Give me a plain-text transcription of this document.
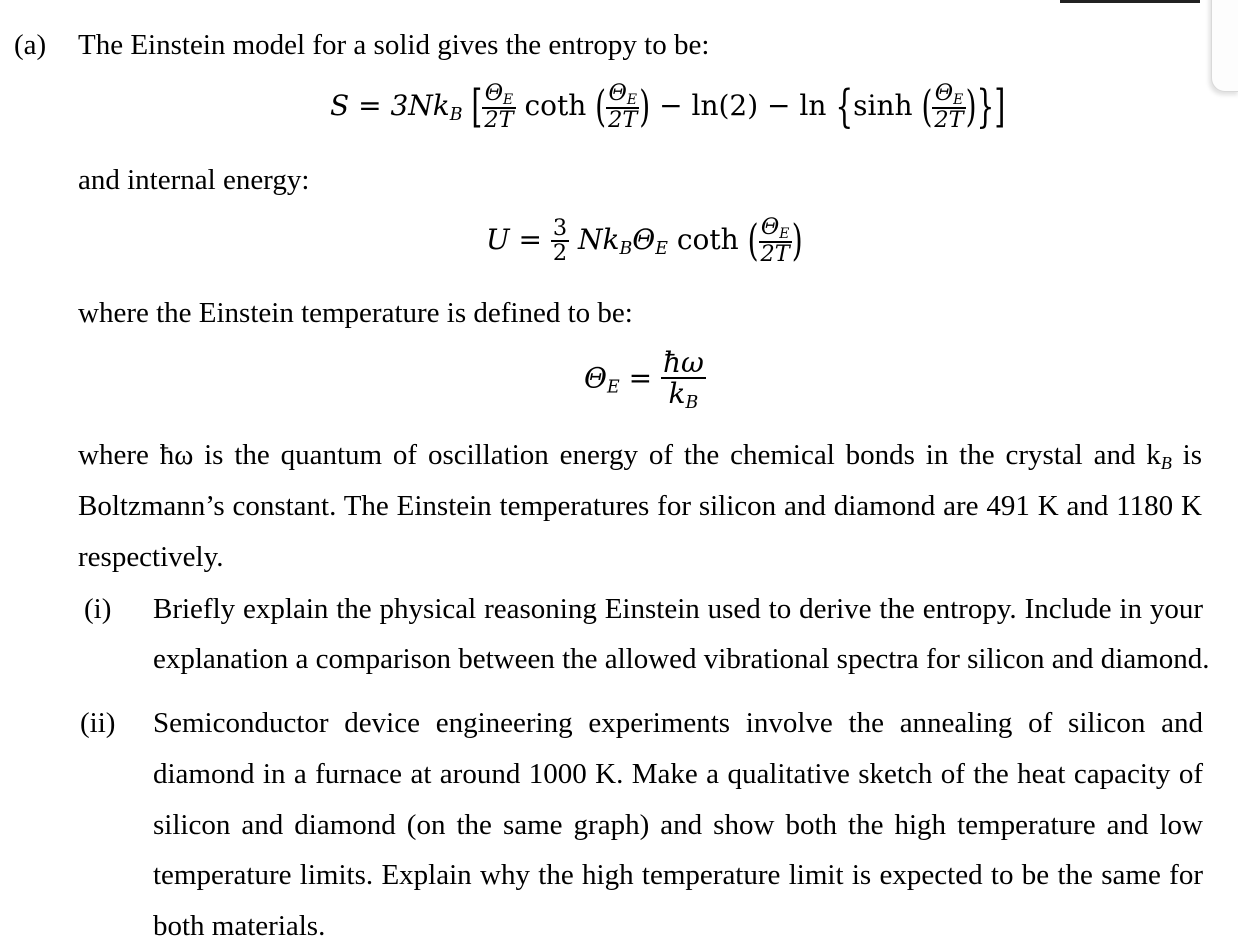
(a) The Einstein model for a solid gives the entropy to be:
$S = 3Nk_B$ [ $\frac{\Theta_E}{2T}$ coth ( $\frac{\Theta_E}{2T}$ ) − ln(2) − ln {sinh ( $\frac{\Theta_E}{2T}$ )}]
and internal energy:
$U = \frac{3}{2} Nk_B\Theta_E$ coth ( $\frac{\Theta_E}{2T}$ )
where the Einstein temperature is defined to be:
$\Theta_E = \frac{ħ\omega}{k_B}$
where ħω is the quantum of oscillation energy of the chemical bonds in the crystal and $k_B$ is
Boltzmann’s constant. The Einstein temperatures for silicon and diamond are 491 K and 1180 K
respectively.
(i) Briefly explain the physical reasoning Einstein used to derive the entropy. Include in your
explanation a comparison between the allowed vibrational spectra for silicon and diamond.
(ii) Semiconductor device engineering experiments involve the annealing of silicon and
diamond in a furnace at around 1000 K. Make a qualitative sketch of the heat capacity of
silicon and diamond (on the same graph) and show both the high temperature and low
temperature limits. Explain why the high temperature limit is expected to be the same for
both materials.
